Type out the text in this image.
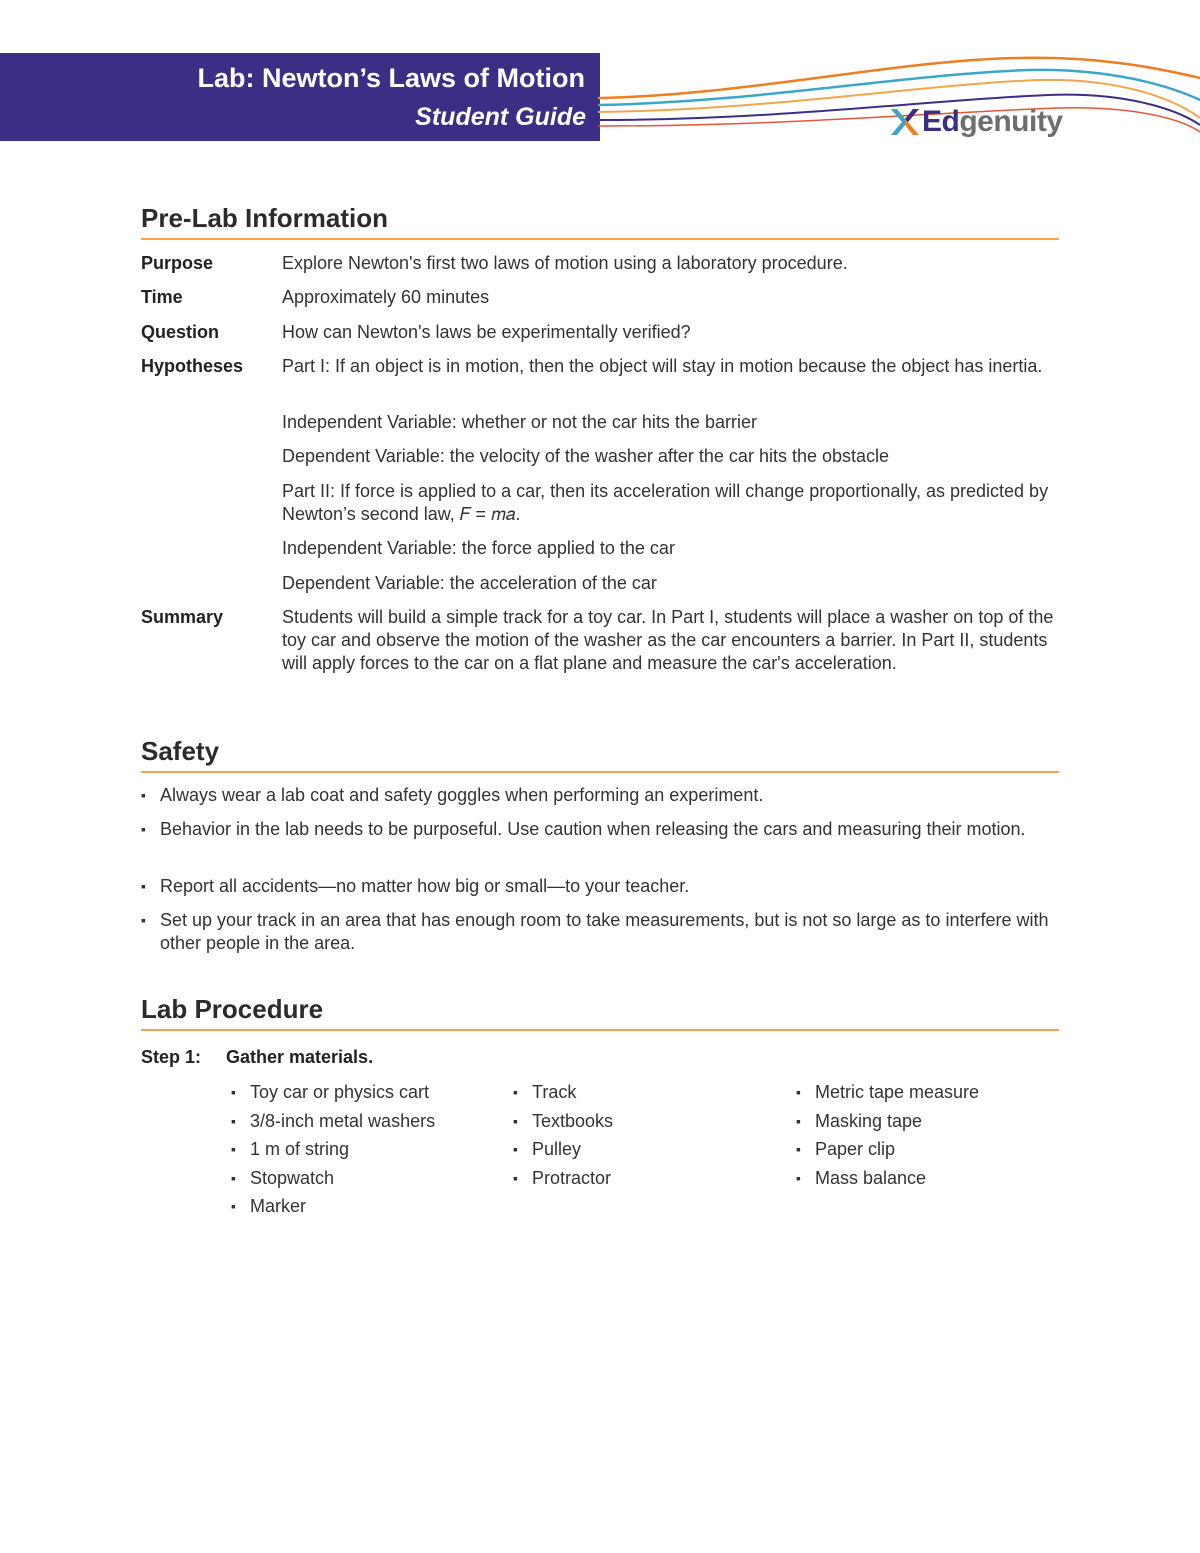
Lab: Newton’s Laws of Motion
Student Guide	Edgenuity
Pre-Lab Information
Purpose	Explore Newton's first two laws of motion using a laboratory procedure.
Time	Approximately 60 minutes
Question	How can Newton's laws be experimentally verified?
Hypotheses	Part I: If an object is in motion, then the object will stay in motion because the object has inertia.
Independent Variable: whether or not the car hits the barrier
Dependent Variable: the velocity of the washer after the car hits the obstacle
Part II: If force is applied to a car, then its acceleration will change proportionally, as predicted by Newton’s second law, 𝐹 = 𝑚𝑎.
Independent Variable: the force applied to the car
Dependent Variable: the acceleration of the car
Summary	Students will build a simple track for a toy car. In Part I, students will place a washer on top of the toy car and observe the motion of the washer as the car encounters a barrier. In Part II, students will apply forces to the car on a flat plane and measure the car's acceleration.
Safety
▪ Always wear a lab coat and safety goggles when performing an experiment.
▪ Behavior in the lab needs to be purposeful. Use caution when releasing the cars and measuring their motion.
▪ Report all accidents—no matter how big or small—to your teacher.
▪ Set up your track in an area that has enough room to take measurements, but is not so large as to interfere with other people in the area.
Lab Procedure
Step 1: Gather materials.
▪ Toy car or physics cart
▪ 3/8-inch metal washers
▪ 1 m of string
▪ Stopwatch
▪ Marker
▪ Track
▪ Textbooks
▪ Pulley
▪ Protractor
▪ Metric tape measure
▪ Masking tape
▪ Paper clip
▪ Mass balance
